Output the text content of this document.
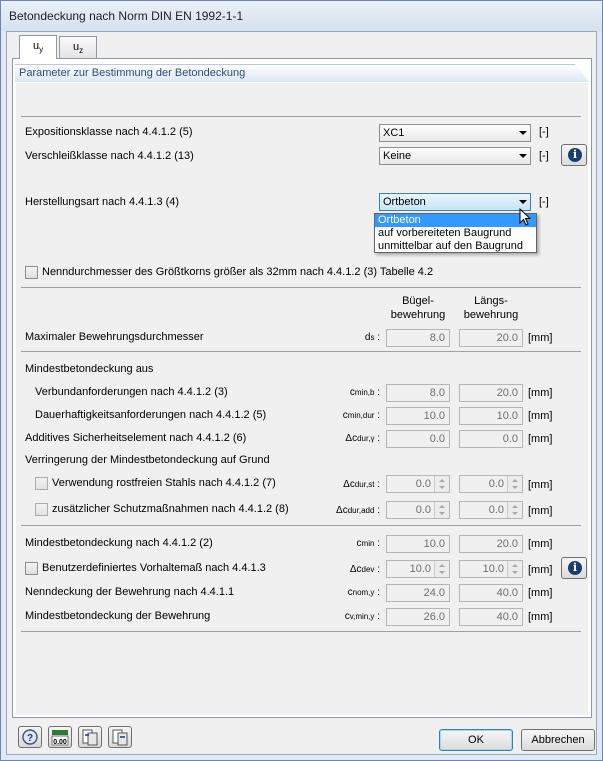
Betondeckung nach Norm DIN EN 1992-1-1
$u_y$	$u_z$
Parameter zur Bestimmung der Betondeckung
Expositionsklasse nach 4.4.1.2 (5)	XC1	[-]
Verschleißklasse nach 4.4.1.2 (13)	Keine	[-]	i
Herstellungsart nach 4.4.1.3 (4)	Ortbeton	[-]
Nenndurchmesser des Größtkorns größer als 32mm nach 4.4.1.2 (3) Tabelle 4.2
Bügel-
bewehrung
Längs-
bewehrung
Maximaler Bewehrungsdurchmesser	ds :	8.0	20.0 [mm]
Mindestbetondeckung aus
Verbundanforderungen nach 4.4.1.2 (3)	cmin,b :	8.0	20.0 [mm]
Dauerhaftigkeitsanforderungen nach 4.4.1.2 (5)	cmin,dur :	10.0	10.0 [mm]
Additives Sicherheitselement nach 4.4.1.2 (6)	Δcdur,γ :	0.0	0.0 [mm]
Verringerung der Mindestbetondeckung auf Grund
Verwendung rostfreien Stahls nach 4.4.1.2 (7)	Δcdur,st :	0.0	0.0	[mm]
zusätzlicher Schutzmaßnahmen nach 4.4.1.2 (8)	Δcdur,add :	0.0	0.0	[mm]
Mindestbetondeckung nach 4.4.1.2 (2)	cmin :	10.0	20.0 [mm]
Benutzerdefiniertes Vorhaltemaß nach 4.4.1.3	Δcdev :	10.0	10.0	[mm]	i
Nenndeckung der Bewehrung nach 4.4.1.1	cnom,y :	24.0	40.0 [mm]
Mindestbetondeckung der Bewehrung	cv,min,y :	26.0	40.0 [mm]
?	0.00	OK	Abbrechen
Ortbeton
auf vorbereiteten Baugrund
unmittelbar auf den Baugrund
